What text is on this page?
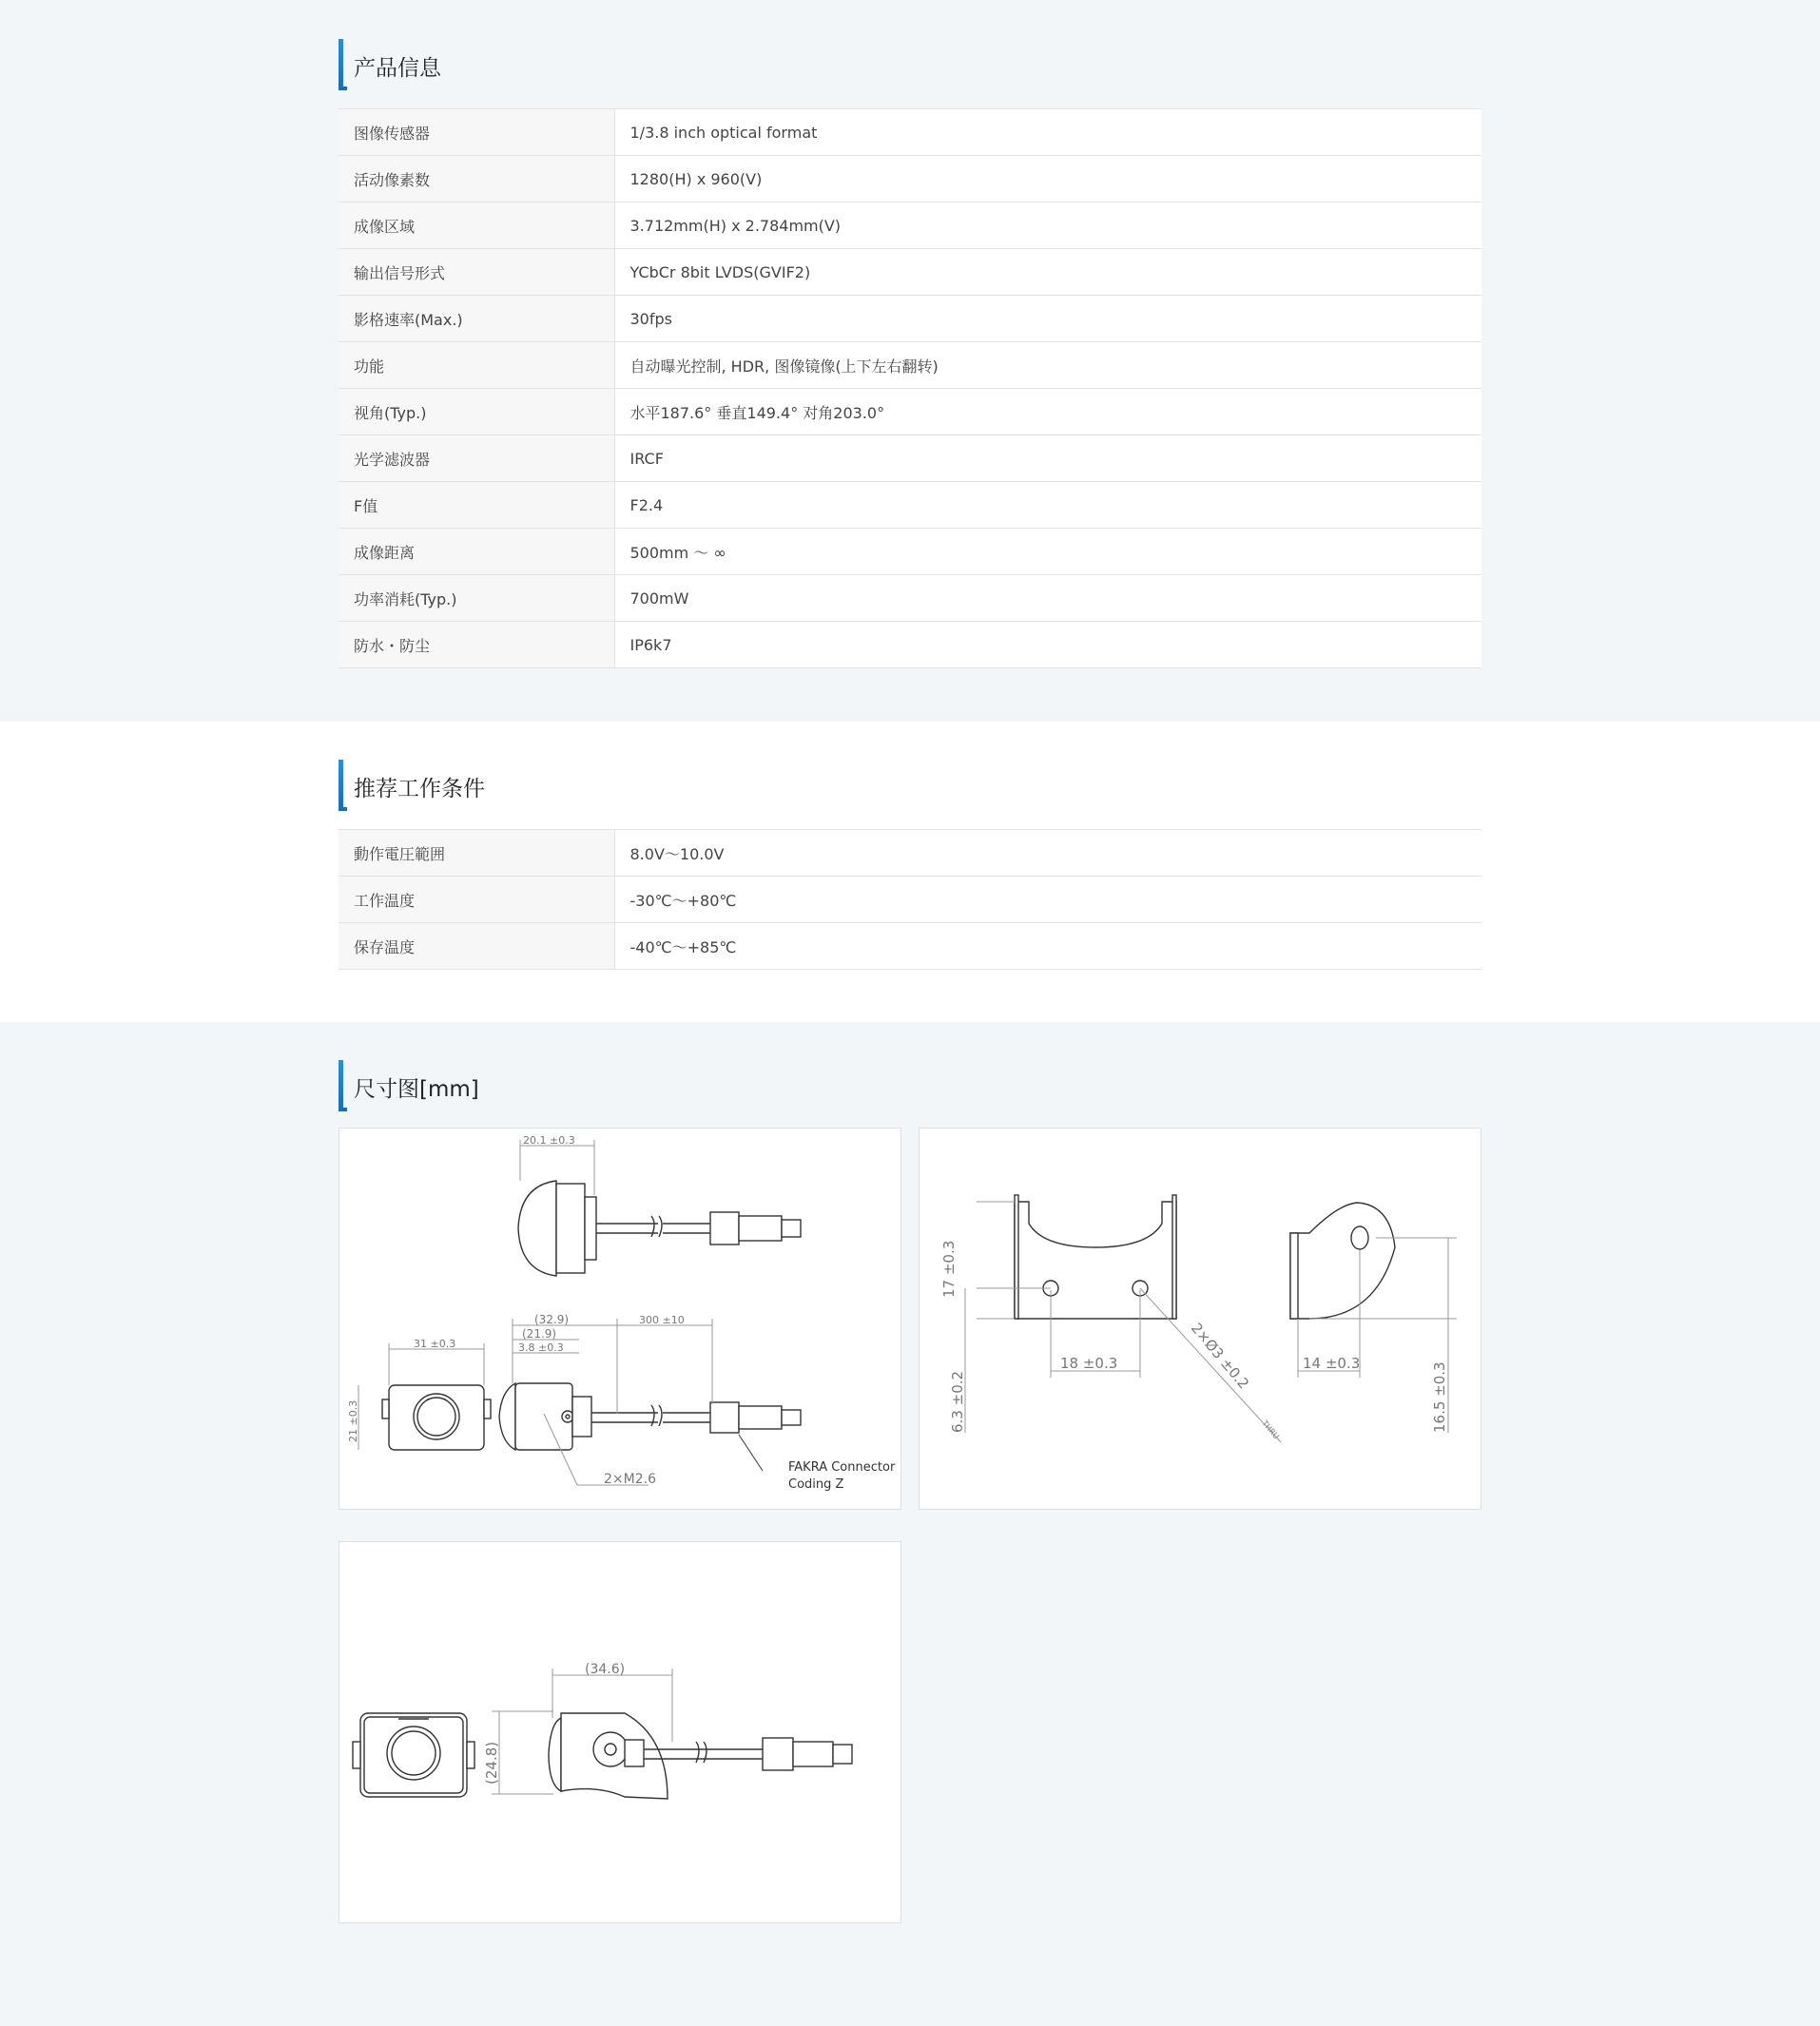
产品信息
图像传感器	1/3.8 inch optical format
活动像素数	1280(H) x 960(V)
成像区域	3.712mm(H) x 2.784mm(V)
输出信号形式	YCbCr 8bit LVDS(GVIF2)
影格速率(Max.)	30fps
功能	自动曝光控制, HDR, 图像镜像(上下左右翻转)
视角(Typ.)	水平187.6° 垂直149.4° 对角203.0°
光学滤波器	IRCF
F值	F2.4
成像距离	500mm ～ ∞
功率消耗(Typ.)	700mW
防水・防尘	IP6k7
推荐工作条件
動作電圧範囲	8.0V～10.0V
工作温度	-30℃～+80℃
保存温度	-40℃～+85℃
尺寸图[mm]
20.1 ±0.3
31 ±0.3
21 ±0.3
(32.9)
(21.9)
3.8 ±0.3
300 ±10
2×M2.6
FAKRA Connector
Coding Z
17 ±0.3
6.3 ±0.2
18 ±0.3	2×Ø3 ±0.2
THRU
14 ±0.3	16.5 ±0.3
(24.8)
(34.6)
